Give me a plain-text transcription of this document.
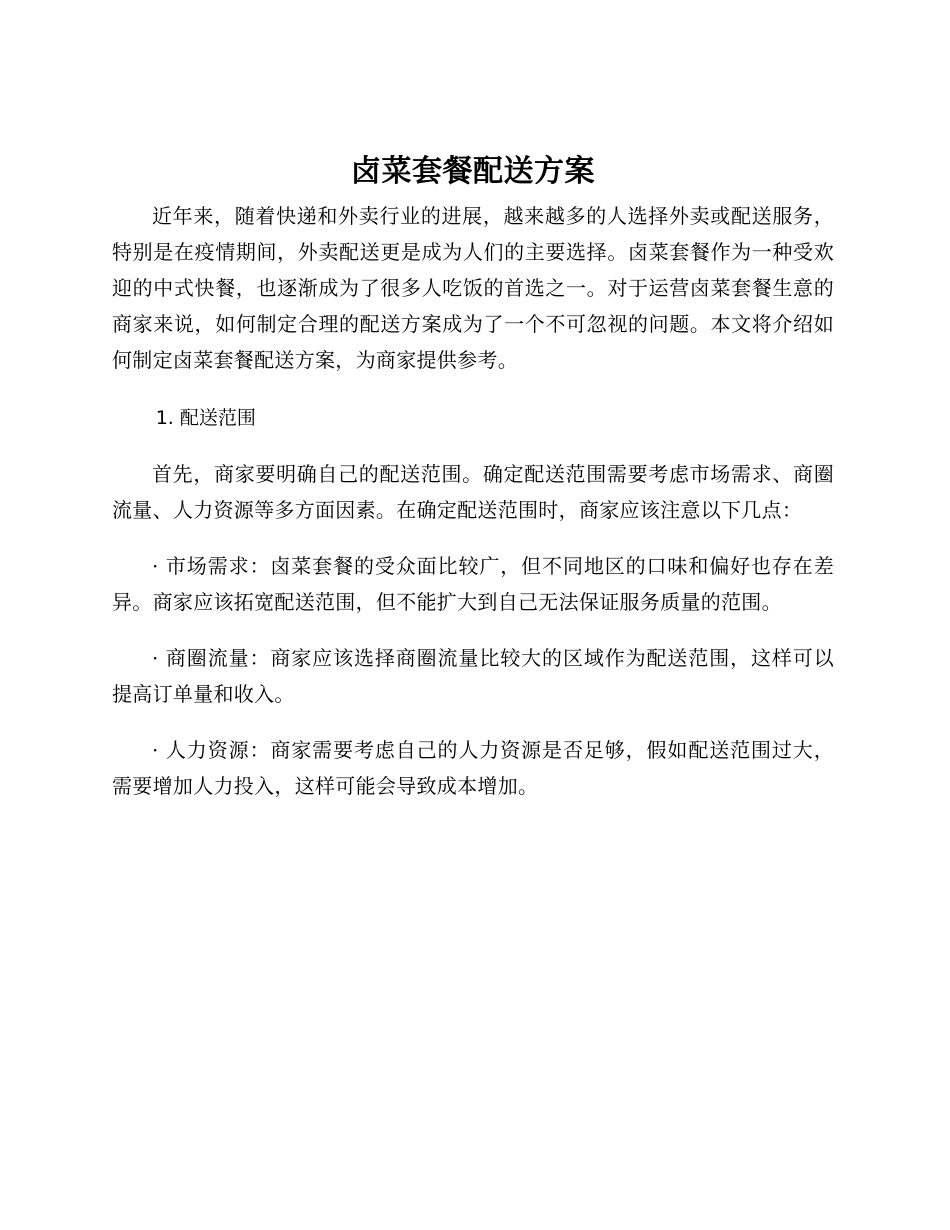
卤菜套餐配送方案

近年来，随着快递和外卖行业的进展，越来越多的人选择外卖或配送服务，特别是在疫情期间，外卖配送更是成为人们的主要选择。卤菜套餐作为一种受欢迎的中式快餐，也逐渐成为了很多人吃饭的首选之一。对于运营卤菜套餐生意的商家来说，如何制定合理的配送方案成为了一个不可忽视的问题。本文将介绍如何制定卤菜套餐配送方案，为商家提供参考。

1. 配送范围

首先，商家要明确自己的配送范围。确定配送范围需要考虑市场需求、商圈流量、人力资源等多方面因素。在确定配送范围时，商家应该注意以下几点：

· 市场需求：卤菜套餐的受众面比较广，但不同地区的口味和偏好也存在差异。商家应该拓宽配送范围，但不能扩大到自己无法保证服务质量的范围。

· 商圈流量：商家应该选择商圈流量比较大的区域作为配送范围，这样可以提高订单量和收入。

· 人力资源：商家需要考虑自己的人力资源是否足够，假如配送范围过大，需要增加人力投入，这样可能会导致成本增加。
